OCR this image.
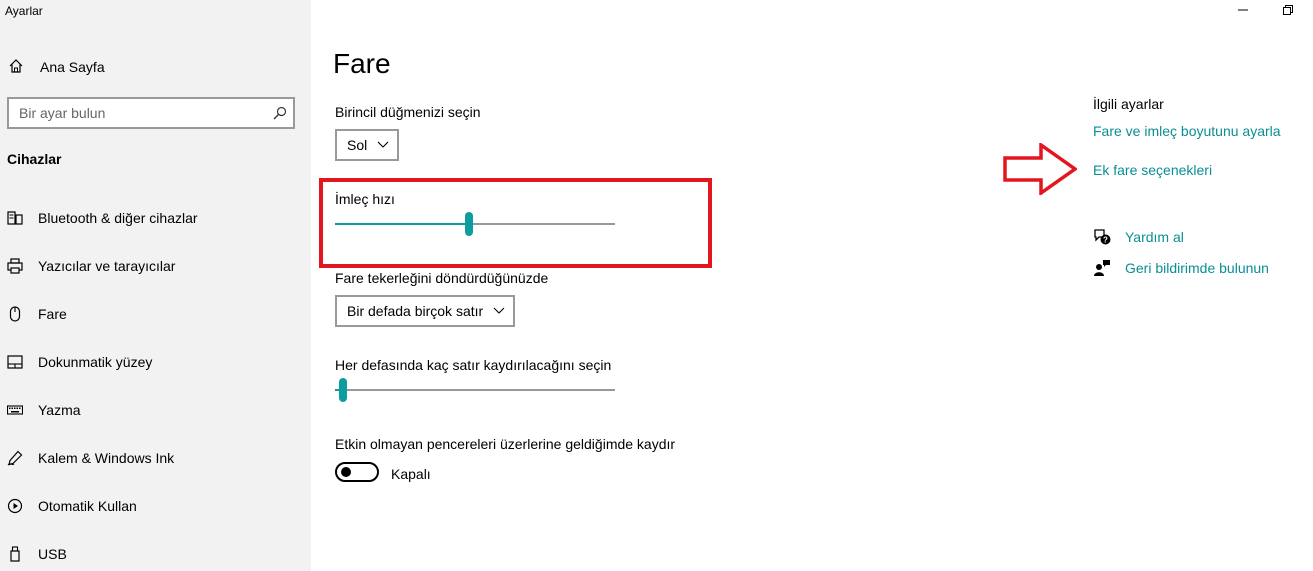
Ayarlar
Ana Sayfa
Bir ayar bulun
Cihazlar
Bluetooth & diğer cihazlar
Yazıcılar ve tarayıcılar
Fare
Dokunmatik yüzey
Yazma
Kalem & Windows Ink
Otomatik Kullan
USB
Fare
Birincil düğmenizi seçin
Sol
İmleç hızı
Fare tekerleğini döndürdüğünüzde
Bir defada birçok satır
Her defasında kaç satır kaydırılacağını seçin
Etkin olmayan pencereleri üzerlerine geldiğimde kaydır
Kapalı
İlgili ayarlar
Fare ve imleç boyutunu ayarla
Ek fare seçenekleri
? Yardım al
Geri bildirimde bulunun
